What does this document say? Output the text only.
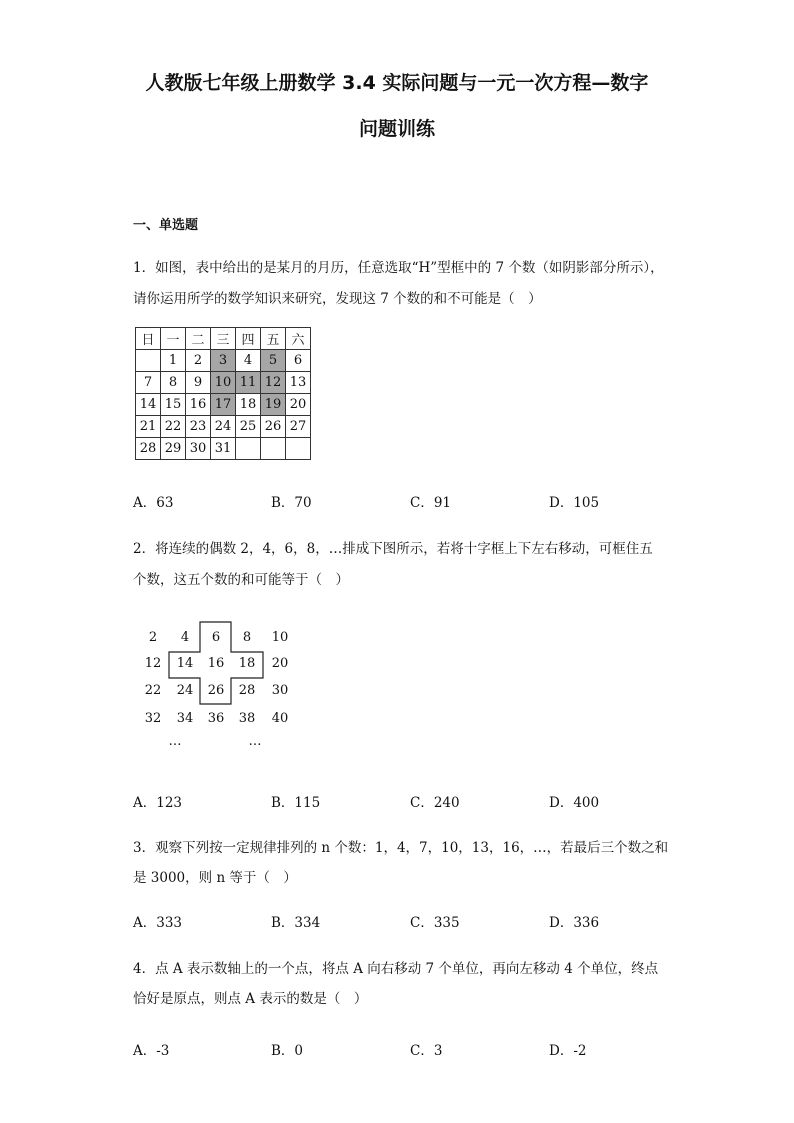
人教版七年级上册数学 3.4 实际问题与一元一次方程—数字
问题训练
一、单选题
1．如图，表中给出的是某月的月历，任意选取“H”型框中的 7 个数（如阴影部分所示），
请你运用所学的数学知识来研究，发现这 7 个数的和不可能是（　）
日	一	二	三	四	五	六
	1	2	3	4	5	6
7	8	9	10	11	12	13
14	15	16	17	18	19	20
21	22	23	24	25	26	27
28	29	30	31			
A．63	B．70	C．91	D．105
2．将连续的偶数 2，4，6，8，…排成下图所示，若将十字框上下左右移动，可框住五
个数，这五个数的和可能等于（　）
2	4	6	8	10
12	14	16	18	20
22	24	26	28	30
32	34	36	38	40
…	…
A．123	B．115	C．240	D．400
3．观察下列按一定规律排列的 n 个数：1，4，7，10，13，16，…，若最后三个数之和
是 3000，则 n 等于（　）
A．333	B．334	C．335	D．336
4．点 A 表示数轴上的一个点，将点 A 向右移动 7 个单位，再向左移动 4 个单位，终点
恰好是原点，则点 A 表示的数是（　）
A．-3	B．0	C．3	D．-2
